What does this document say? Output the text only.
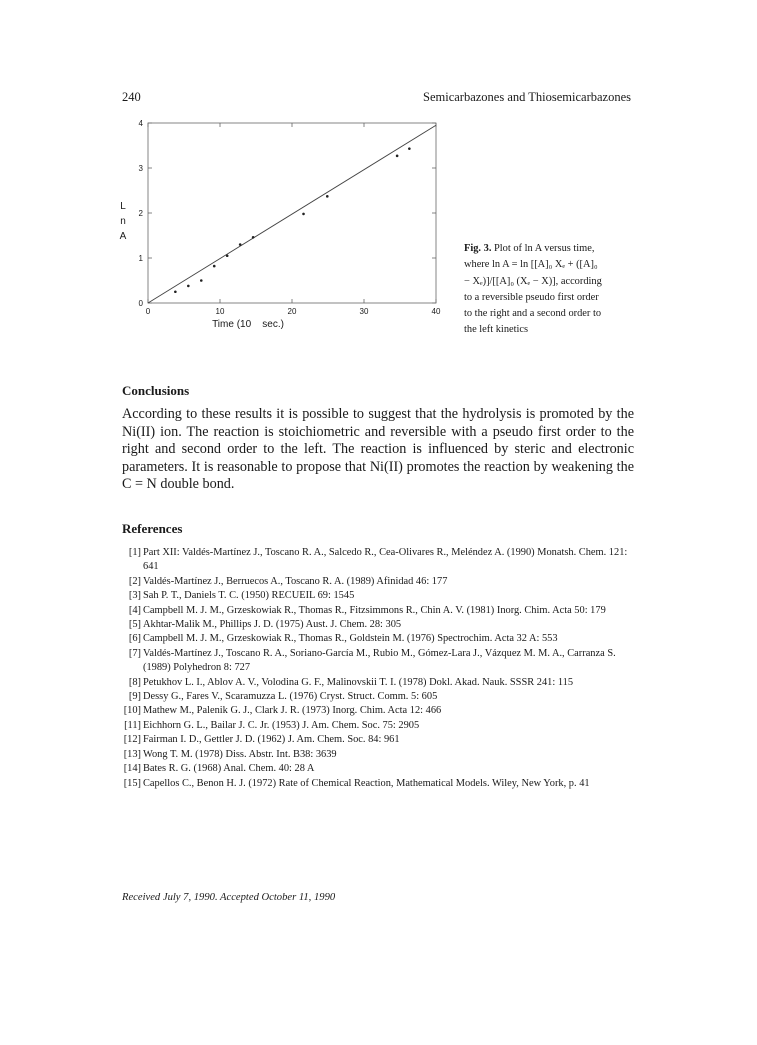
240	Semicarbazones and Thiosemicarbazones
0	10	20	30	40
0
1
2
3
4
Time (10    sec.)
L
n
A
Fig. 3. Plot of ln A versus time,
where ln A = ln [[A]₀ Xₑ + ([A]₀
− Xₑ)]/[[A]₀ (Xₑ − X)], according
to a reversible pseudo first order
to the right and a second order to
the left kinetics
Conclusions
According to these results it is possible to suggest that the hydrolysis is promoted by the Ni(II) ion. The reaction is stoichiometric and reversible with a pseudo first order to the right and second order to the left. The reaction is influenced by steric and electronic parameters. It is reasonable to propose that Ni(II) promotes the reaction by weakening the C = N double bond.
References
[1] Part XII: Valdés-Martínez J., Toscano R. A., Salcedo R., Cea-Olivares R., Meléndez A. (1990) Monatsh. Chem. 121: 641
[2] Valdés-Martínez J., Berruecos A., Toscano R. A. (1989) Afinidad 46: 177
[3] Sah P. T., Daniels T. C. (1950) RECUEIL 69: 1545
[4] Campbell M. J. M., Grzeskowiak R., Thomas R., Fitzsimmons R., Chin A. V. (1981) Inorg. Chim. Acta 50: 179
[5] Akhtar-Malik M., Phillips J. D. (1975) Aust. J. Chem. 28: 305
[6] Campbell M. J. M., Grzeskowiak R., Thomas R., Goldstein M. (1976) Spectrochim. Acta 32 A: 553
[7] Valdés-Martínez J., Toscano R. A., Soriano-García M., Rubio M., Gómez-Lara J., Vázquez M. M. A., Carranza S. (1989) Polyhedron 8: 727
[8] Petukhov L. I., Ablov A. V., Volodina G. F., Malinovskii T. I. (1978) Dokl. Akad. Nauk. SSSR 241: 115
[9] Dessy G., Fares V., Scaramuzza L. (1976) Cryst. Struct. Comm. 5: 605
[10] Mathew M., Palenik G. J., Clark J. R. (1973) Inorg. Chim. Acta 12: 466
[11] Eichhorn G. L., Bailar J. C. Jr. (1953) J. Am. Chem. Soc. 75: 2905
[12] Fairman I. D., Gettler J. D. (1962) J. Am. Chem. Soc. 84: 961
[13] Wong T. M. (1978) Diss. Abstr. Int. B38: 3639
[14] Bates R. G. (1968) Anal. Chem. 40: 28 A
[15] Capellos C., Benon H. J. (1972) Rate of Chemical Reaction, Mathematical Models. Wiley, New York, p. 41
Received July 7, 1990. Accepted October 11, 1990
